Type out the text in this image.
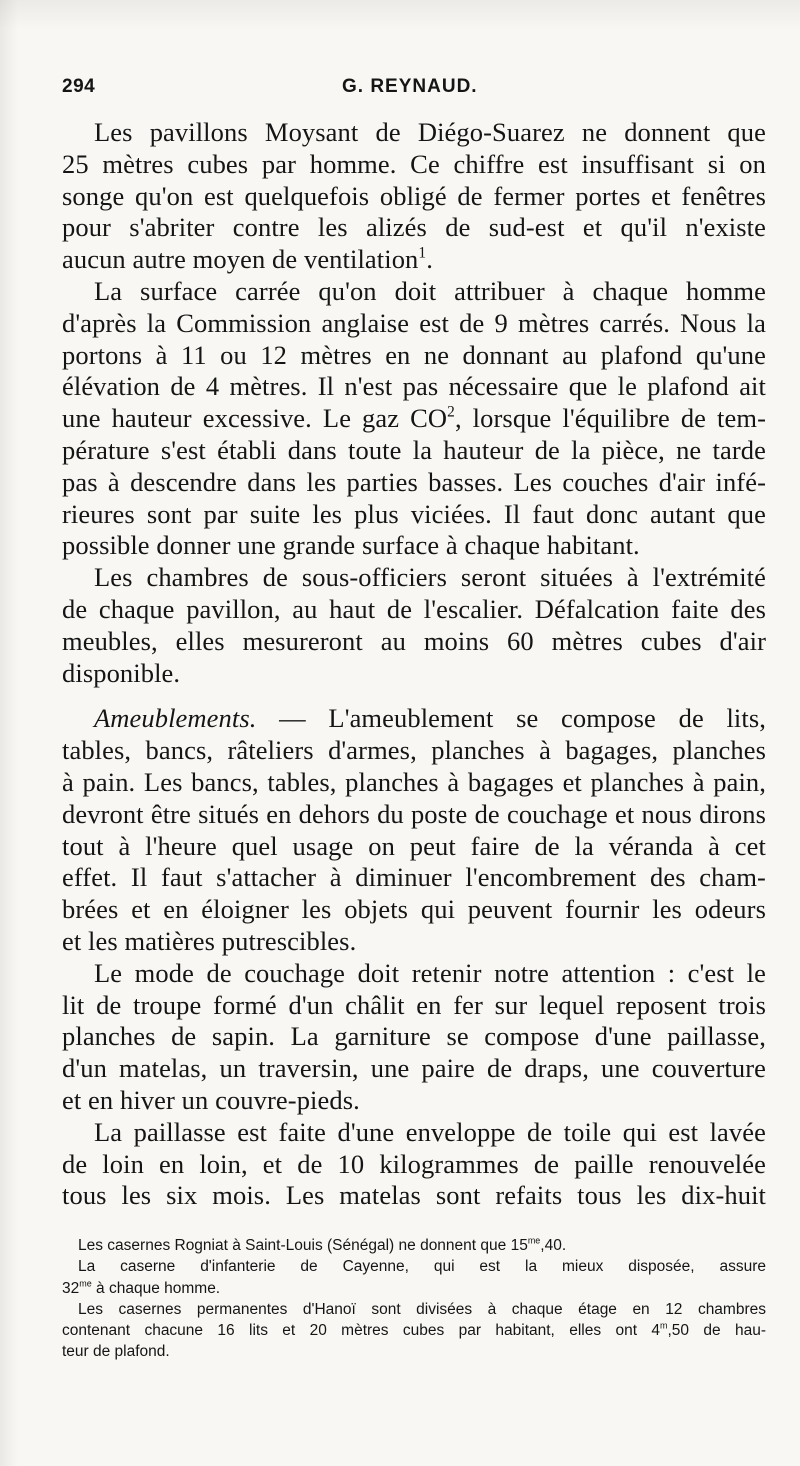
294	G. REYNAUD.
Les pavillons Moysant de Diégo-Suarez ne donnent que
25 mètres cubes par homme. Ce chiffre est insuffisant si on
songe qu'on est quelquefois obligé de fermer portes et fenêtres
pour s'abriter contre les alizés de sud-est et qu'il n'existe
aucun autre moyen de ventilation$^1$.
La surface carrée qu'on doit attribuer à chaque homme
d'après la Commission anglaise est de 9 mètres carrés. Nous la
portons à 11 ou 12 mètres en ne donnant au plafond qu'une
élévation de 4 mètres. Il n'est pas nécessaire que le plafond ait
une hauteur excessive. Le gaz $CO^2$, lorsque l'équilibre de tem-
pérature s'est établi dans toute la hauteur de la pièce, ne tarde
pas à descendre dans les parties basses. Les couches d'air infé-
rieures sont par suite les plus viciées. Il faut donc autant que
possible donner une grande surface à chaque habitant.
Les chambres de sous-officiers seront situées à l'extrémité
de chaque pavillon, au haut de l'escalier. Défalcation faite des
meubles, elles mesureront au moins 60 mètres cubes d'air
disponible.
Ameublements. — L'ameublement se compose de lits,
tables, bancs, râteliers d'armes, planches à bagages, planches
à pain. Les bancs, tables, planches à bagages et planches à pain,
devront être situés en dehors du poste de couchage et nous dirons
tout à l'heure quel usage on peut faire de la véranda à cet
effet. Il faut s'attacher à diminuer l'encombrement des cham-
brées et en éloigner les objets qui peuvent fournir les odeurs
et les matières putrescibles.
Le mode de couchage doit retenir notre attention : c'est le
lit de troupe formé d'un châlit en fer sur lequel reposent trois
planches de sapin. La garniture se compose d'une paillasse,
d'un matelas, un traversin, une paire de draps, une couverture
et en hiver un couvre-pieds.
La paillasse est faite d'une enveloppe de toile qui est lavée
de loin en loin, et de 10 kilogrammes de paille renouvelée
tous les six mois. Les matelas sont refaits tous les dix-huit
Les casernes Rogniat à Saint-Louis (Sénégal) ne donnent que $15^{me},40$.
La caserne d'infanterie de Cayenne, qui est la mieux disposée, assure
$32^{me}$ à chaque homme.
Les casernes permanentes d'Hanoï sont divisées à chaque étage en 12 chambres
contenant chacune 16 lits et 20 mètres cubes par habitant, elles ont 4$^m$,50 de hau-
teur de plafond.
